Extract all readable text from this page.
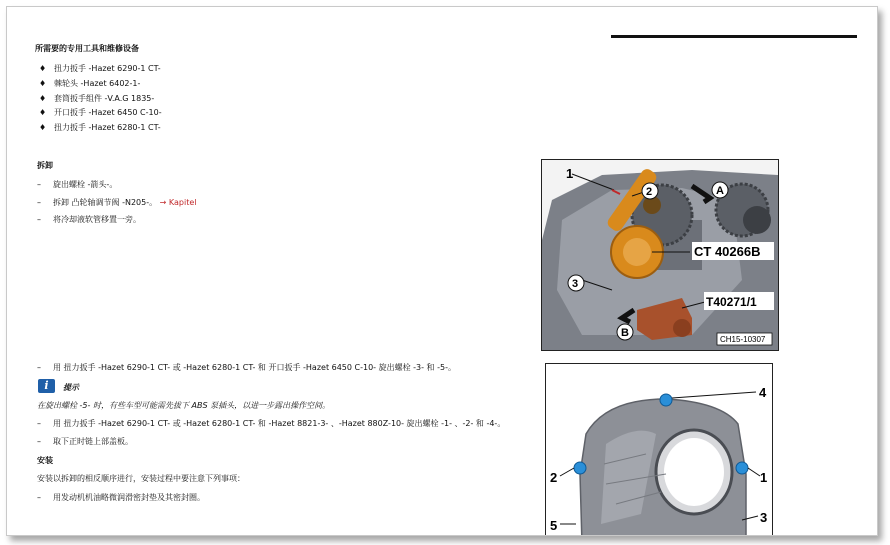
所需要的专用工具和维修设备
♦ 扭力扳手 -Hazet 6290-1 CT-
♦ 棘轮头 -Hazet 6402-1-
♦ 套筒扳手组件 -V.A.G 1835-
♦ 开口扳手 -Hazet 6450 C-10-
♦ 扭力扳手 -Hazet 6280-1 CT-
拆卸
– 旋出螺栓 -箭头-。
– 拆卸 凸轮轴调节阀 -N205-。 → Kapitel
– 将冷却液软管移置一旁。
– 用 扭力扳手 -Hazet 6290-1 CT- 或 -Hazet 6280-1 CT- 和 开口扳手 -Hazet 6450 C-10- 旋出螺栓 -3- 和 -5-。
i	提示
在旋出螺栓 -5- 时，有些车型可能需先拔下 ABS 泵插头，以进一步露出操作空间。
– 用 扭力扳手 -Hazet 6290-1 CT- 或 -Hazet 6280-1 CT- 和 -Hazet 8821-3- 、-Hazet 880Z-10- 旋出螺栓 -1- 、-2- 和 -4-。
– 取下正时链上部盖板。
安装
安装以拆卸的相反顺序进行，安装过程中要注意下列事项：
– 用发动机机油略微润滑密封垫及其密封圈。
1
2
3
A
B
CT 40266B
T40271/1
CH15-10307
4
2	1
5
3
